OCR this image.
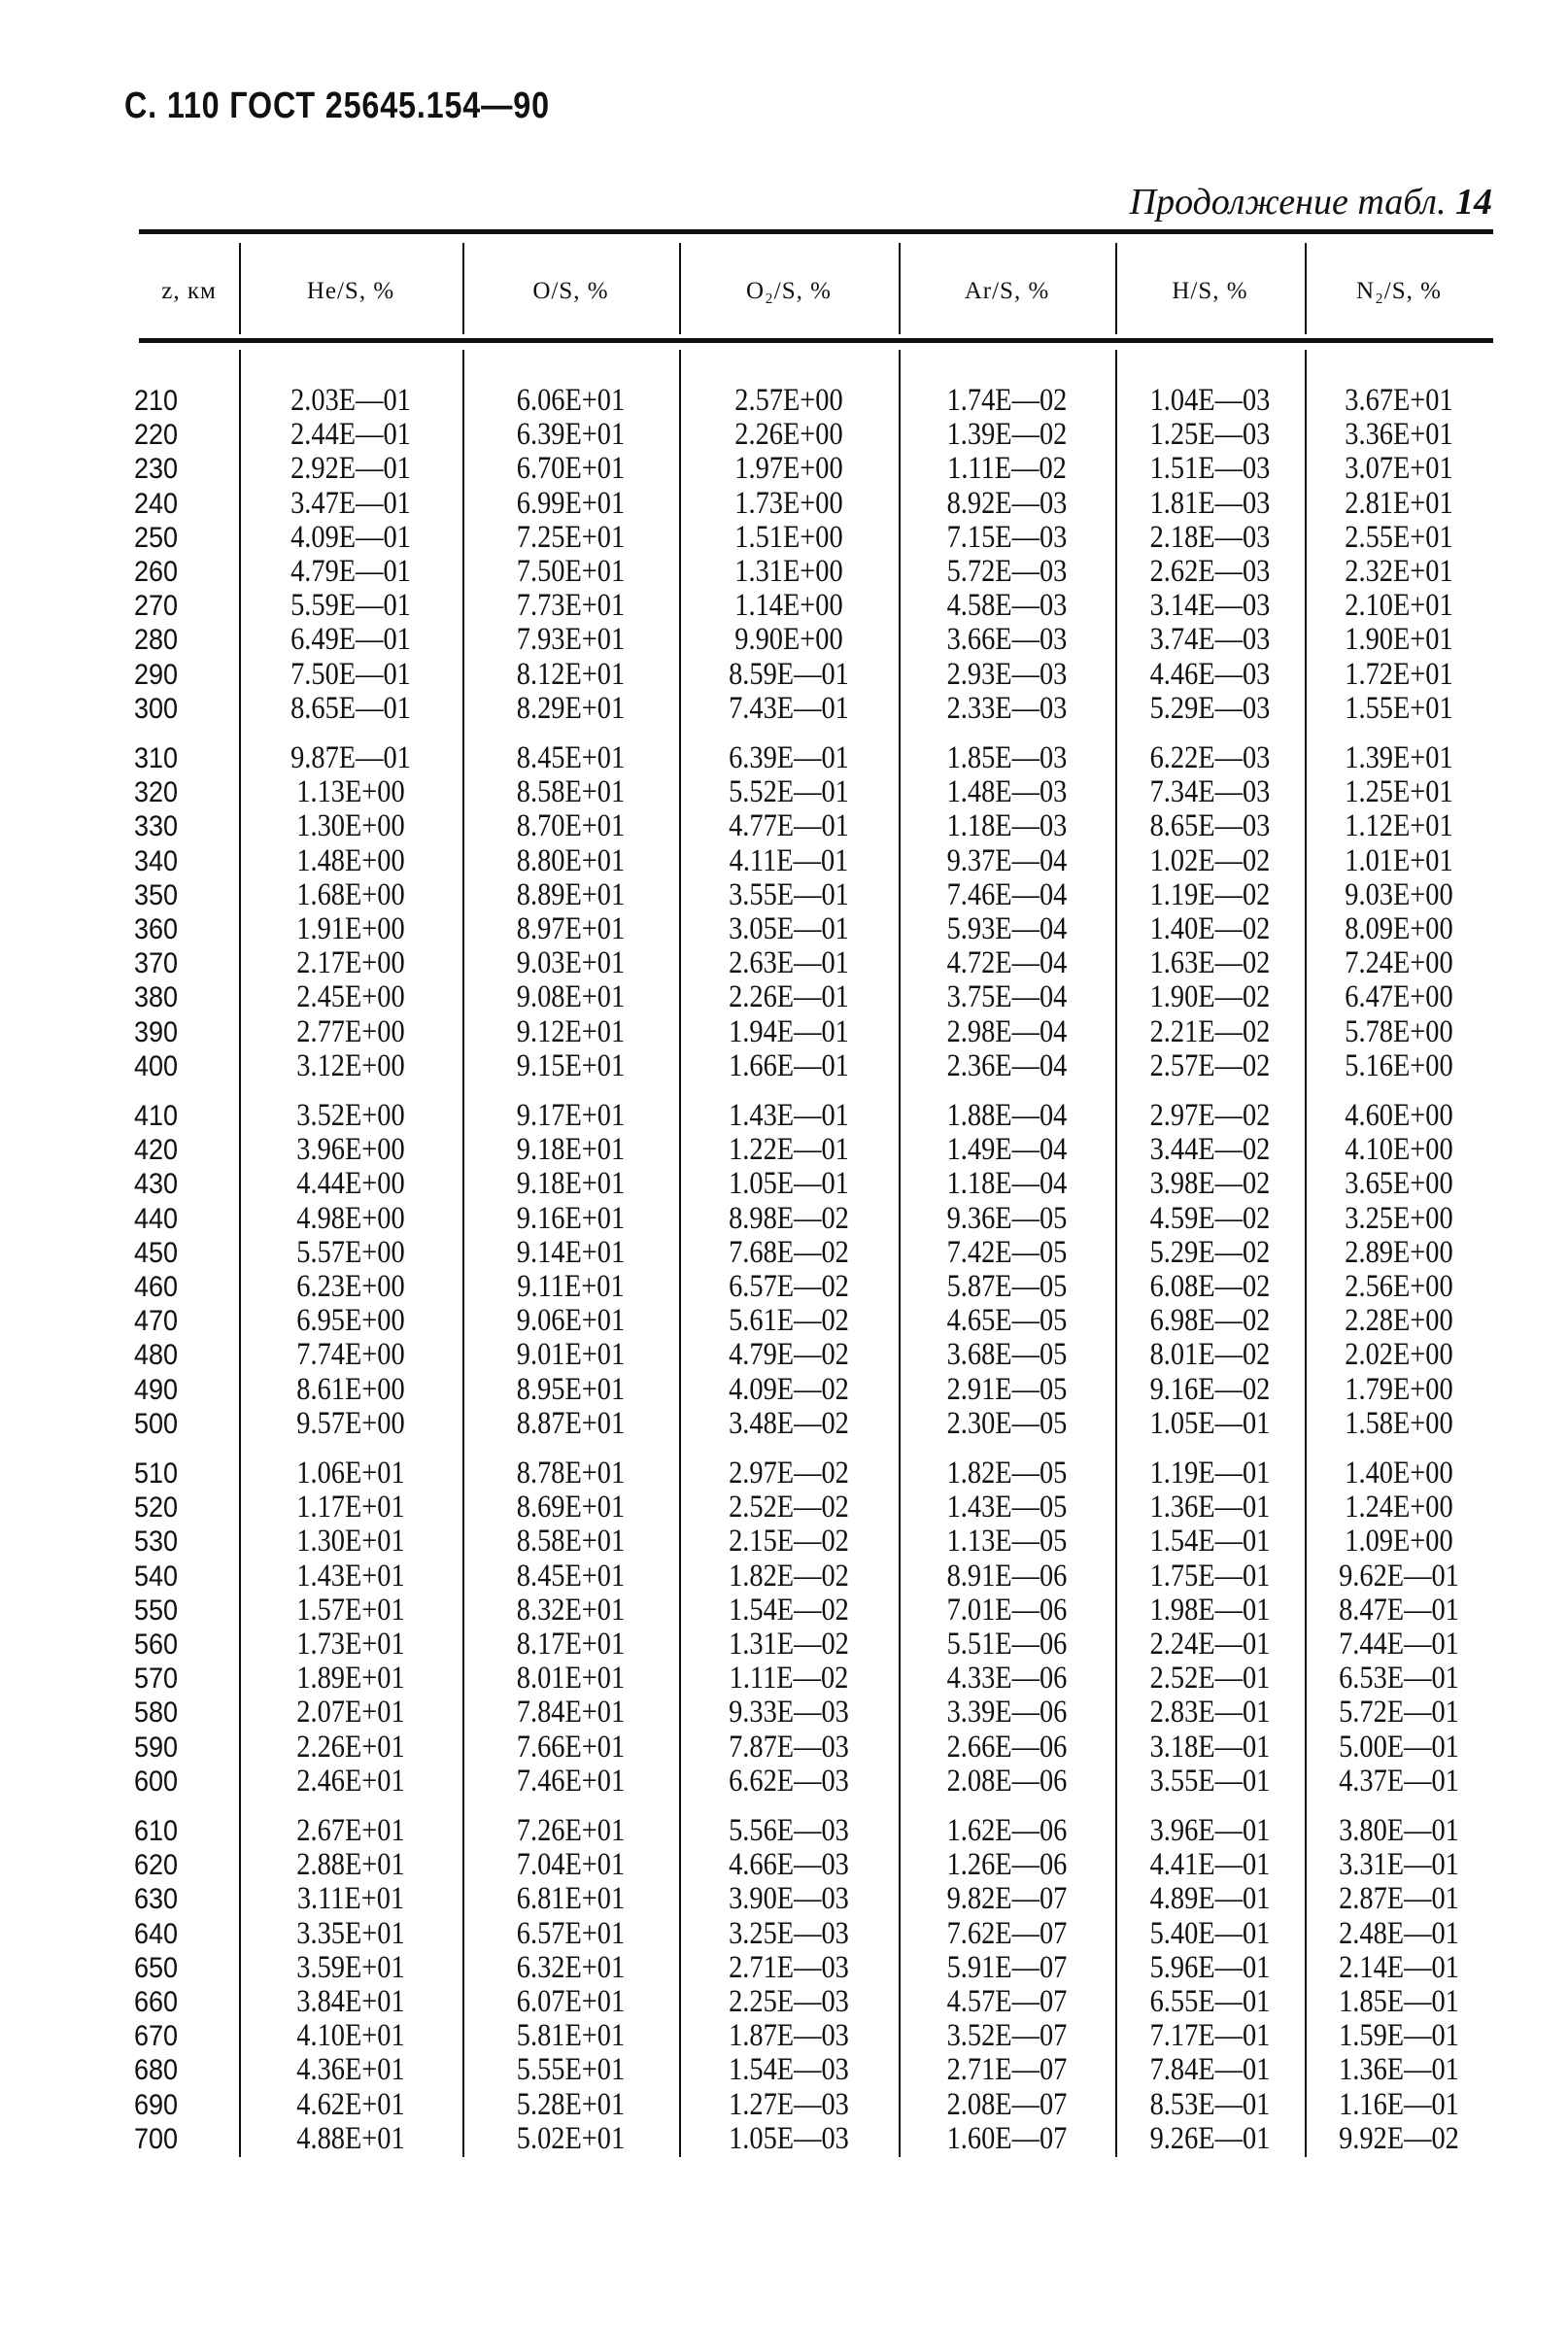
С. 110 ГОСТ 25645.154—90
Продолжение табл. 14
z, км	He/S, %	O/S, %	O₂/S, %	Ar/S, %	H/S, %	N₂/S, %
210	2.03E—01	6.06E+01	2.57E+00	1.74E—02	1.04E—03	3.67E+01
220	2.44E—01	6.39E+01	2.26E+00	1.39E—02	1.25E—03	3.36E+01
230	2.92E—01	6.70E+01	1.97E+00	1.11E—02	1.51E—03	3.07E+01
240	3.47E—01	6.99E+01	1.73E+00	8.92E—03	1.81E—03	2.81E+01
250	4.09E—01	7.25E+01	1.51E+00	7.15E—03	2.18E—03	2.55E+01
260	4.79E—01	7.50E+01	1.31E+00	5.72E—03	2.62E—03	2.32E+01
270	5.59E—01	7.73E+01	1.14E+00	4.58E—03	3.14E—03	2.10E+01
280	6.49E—01	7.93E+01	9.90E+00	3.66E—03	3.74E—03	1.90E+01
290	7.50E—01	8.12E+01	8.59E—01	2.93E—03	4.46E—03	1.72E+01
300	8.65E—01	8.29E+01	7.43E—01	2.33E—03	5.29E—03	1.55E+01
310	9.87E—01	8.45E+01	6.39E—01	1.85E—03	6.22E—03	1.39E+01
320	1.13E+00	8.58E+01	5.52E—01	1.48E—03	7.34E—03	1.25E+01
330	1.30E+00	8.70E+01	4.77E—01	1.18E—03	8.65E—03	1.12E+01
340	1.48E+00	8.80E+01	4.11E—01	9.37E—04	1.02E—02	1.01E+01
350	1.68E+00	8.89E+01	3.55E—01	7.46E—04	1.19E—02	9.03E+00
360	1.91E+00	8.97E+01	3.05E—01	5.93E—04	1.40E—02	8.09E+00
370	2.17E+00	9.03E+01	2.63E—01	4.72E—04	1.63E—02	7.24E+00
380	2.45E+00	9.08E+01	2.26E—01	3.75E—04	1.90E—02	6.47E+00
390	2.77E+00	9.12E+01	1.94E—01	2.98E—04	2.21E—02	5.78E+00
400	3.12E+00	9.15E+01	1.66E—01	2.36E—04	2.57E—02	5.16E+00
410	3.52E+00	9.17E+01	1.43E—01	1.88E—04	2.97E—02	4.60E+00
420	3.96E+00	9.18E+01	1.22E—01	1.49E—04	3.44E—02	4.10E+00
430	4.44E+00	9.18E+01	1.05E—01	1.18E—04	3.98E—02	3.65E+00
440	4.98E+00	9.16E+01	8.98E—02	9.36E—05	4.59E—02	3.25E+00
450	5.57E+00	9.14E+01	7.68E—02	7.42E—05	5.29E—02	2.89E+00
460	6.23E+00	9.11E+01	6.57E—02	5.87E—05	6.08E—02	2.56E+00
470	6.95E+00	9.06E+01	5.61E—02	4.65E—05	6.98E—02	2.28E+00
480	7.74E+00	9.01E+01	4.79E—02	3.68E—05	8.01E—02	2.02E+00
490	8.61E+00	8.95E+01	4.09E—02	2.91E—05	9.16E—02	1.79E+00
500	9.57E+00	8.87E+01	3.48E—02	2.30E—05	1.05E—01	1.58E+00
510	1.06E+01	8.78E+01	2.97E—02	1.82E—05	1.19E—01	1.40E+00
520	1.17E+01	8.69E+01	2.52E—02	1.43E—05	1.36E—01	1.24E+00
530	1.30E+01	8.58E+01	2.15E—02	1.13E—05	1.54E—01	1.09E+00
540	1.43E+01	8.45E+01	1.82E—02	8.91E—06	1.75E—01	9.62E—01
550	1.57E+01	8.32E+01	1.54E—02	7.01E—06	1.98E—01	8.47E—01
560	1.73E+01	8.17E+01	1.31E—02	5.51E—06	2.24E—01	7.44E—01
570	1.89E+01	8.01E+01	1.11E—02	4.33E—06	2.52E—01	6.53E—01
580	2.07E+01	7.84E+01	9.33E—03	3.39E—06	2.83E—01	5.72E—01
590	2.26E+01	7.66E+01	7.87E—03	2.66E—06	3.18E—01	5.00E—01
600	2.46E+01	7.46E+01	6.62E—03	2.08E—06	3.55E—01	4.37E—01
610	2.67E+01	7.26E+01	5.56E—03	1.62E—06	3.96E—01	3.80E—01
620	2.88E+01	7.04E+01	4.66E—03	1.26E—06	4.41E—01	3.31E—01
630	3.11E+01	6.81E+01	3.90E—03	9.82E—07	4.89E—01	2.87E—01
640	3.35E+01	6.57E+01	3.25E—03	7.62E—07	5.40E—01	2.48E—01
650	3.59E+01	6.32E+01	2.71E—03	5.91E—07	5.96E—01	2.14E—01
660	3.84E+01	6.07E+01	2.25E—03	4.57E—07	6.55E—01	1.85E—01
670	4.10E+01	5.81E+01	1.87E—03	3.52E—07	7.17E—01	1.59E—01
680	4.36E+01	5.55E+01	1.54E—03	2.71E—07	7.84E—01	1.36E—01
690	4.62E+01	5.28E+01	1.27E—03	2.08E—07	8.53E—01	1.16E—01
700	4.88E+01	5.02E+01	1.05E—03	1.60E—07	9.26E—01	9.92E—02
